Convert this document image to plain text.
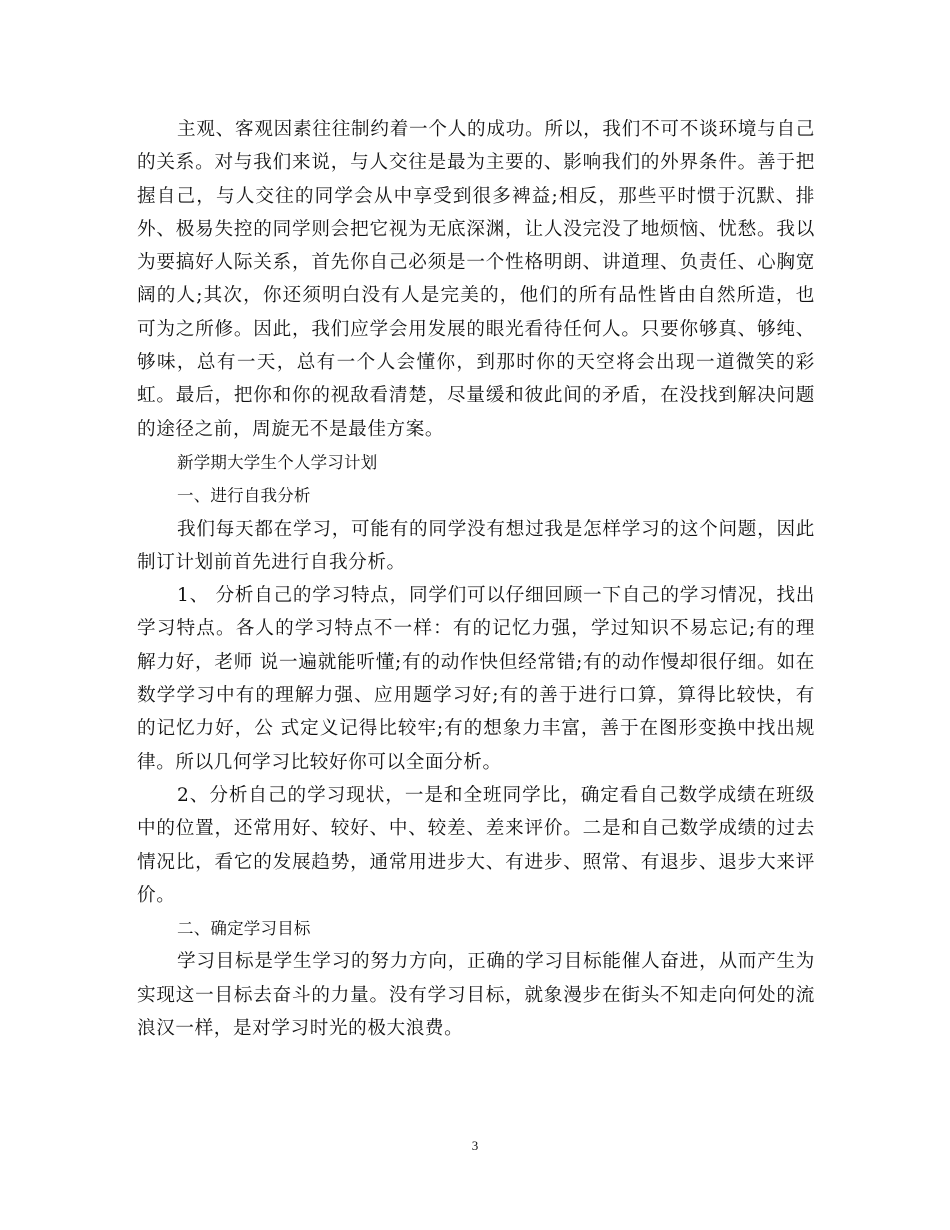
主观、客观因素往往制约着一个人的成功。所以，我们不可不谈环境与自己的关系。对与我们来说，与人交往是最为主要的、影响我们的外界条件。善于把握自己，与人交往的同学会从中享受到很多裨益;相反，那些平时惯于沉默、排外、极易失控的同学则会把它视为无底深渊，让人没完没了地烦恼、忧愁。我以为要搞好人际关系，首先你自己必须是一个性格明朗、讲道理、负责任、心胸宽阔的人;其次，你还须明白没有人是完美的，他们的所有品性皆由自然所造，也可为之所修。因此，我们应学会用发展的眼光看待任何人。只要你够真、够纯、够味，总有一天，总有一个人会懂你，到那时你的天空将会出现一道微笑的彩虹。最后，把你和你的视敌看清楚，尽量缓和彼此间的矛盾，在没找到解决问题的途径之前，周旋无不是最佳方案。

新学期大学生个人学习计划

一、进行自我分析

我们每天都在学习，可能有的同学没有想过我是怎样学习的这个问题，因此制订计划前首先进行自我分析。

1、 分析自己的学习特点，同学们可以仔细回顾一下自己的学习情况，找出学习特点。各人的学习特点不一样：有的记忆力强，学过知识不易忘记;有的理解力好，老师 说一遍就能听懂;有的动作快但经常错;有的动作慢却很仔细。如在数学学习中有的理解力强、应用题学习好;有的善于进行口算，算得比较快，有的记忆力好，公 式定义记得比较牢;有的想象力丰富，善于在图形变换中找出规律。所以几何学习比较好你可以全面分析。

2、分析自己的学习现状，一是和全班同学比，确定看自己数学成绩在班级中的位置，还常用好、较好、中、较差、差来评价。二是和自己数学成绩的过去情况比，看它的发展趋势，通常用进步大、有进步、照常、有退步、退步大来评价。

二、确定学习目标

学习目标是学生学习的努力方向，正确的学习目标能催人奋进，从而产生为实现这一目标去奋斗的力量。没有学习目标，就象漫步在街头不知走向何处的流浪汉一样，是对学习时光的极大浪费。

3
